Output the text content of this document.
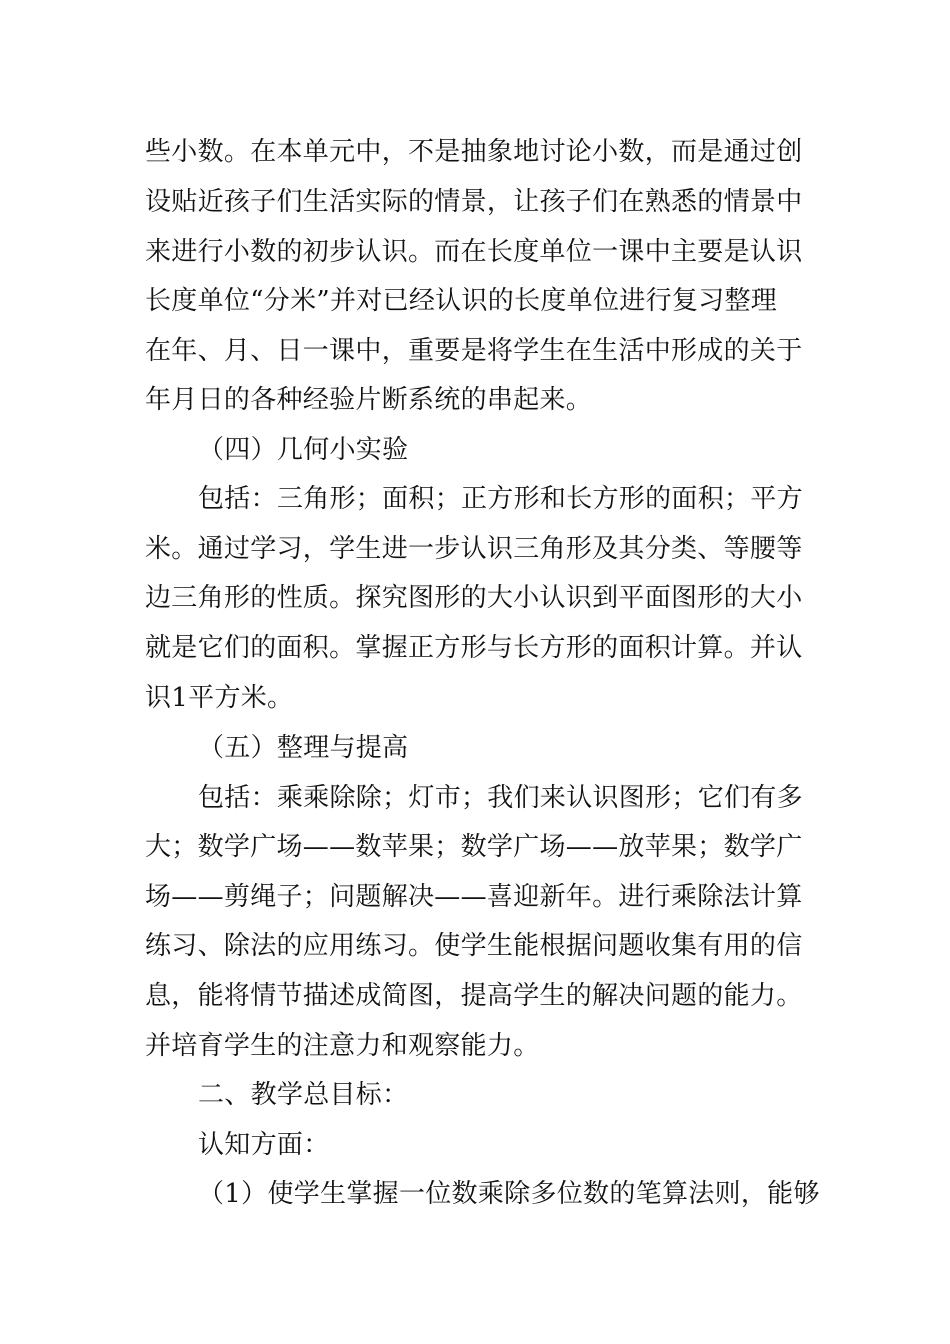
些小数。在本单元中，不是抽象地讨论小数，而是通过创
设贴近孩子们生活实际的情景，让孩子们在熟悉的情景中
来进行小数的初步认识。而在长度单位一课中主要是认识
长度单位“分米”并对已经认识的长度单位进行复习整理
在年、月、日一课中，重要是将学生在生活中形成的关于
年月日的各种经验片断系统的串起来。
（四）几何小实验
包括：三角形；面积；正方形和长方形的面积；平方
米。通过学习，学生进一步认识三角形及其分类、等腰等
边三角形的性质。探究图形的大小认识到平面图形的大小
就是它们的面积。掌握正方形与长方形的面积计算。并认
识1平方米。
（五）整理与提高
包括：乘乘除除；灯市；我们来认识图形；它们有多
大；数学广场——数苹果；数学广场——放苹果；数学广
场——剪绳子；问题解决——喜迎新年。进行乘除法计算
练习、除法的应用练习。使学生能根据问题收集有用的信
息，能将情节描述成简图，提高学生的解决问题的能力。
并培育学生的注意力和观察能力。
二、教学总目标：
认知方面：
（1）使学生掌握一位数乘除多位数的笔算法则，能够
